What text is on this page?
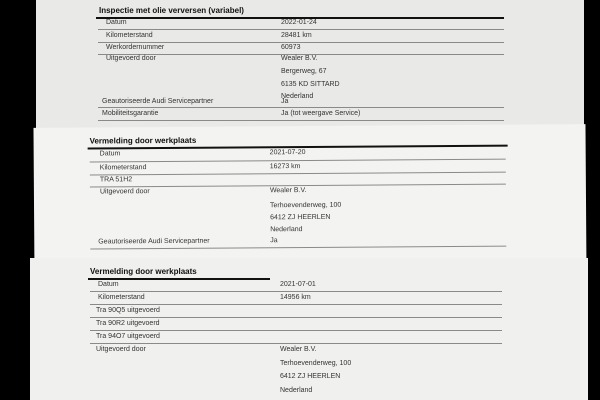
Inspectie met olie verversen (variabel)
Datum	2022-01-24
Kilometerstand	28481 km
Werkordernummer	60973
Uitgevoerd door	Wealer B.V.
Bergerweg, 67
6135 KD SITTARD
Nederland
Geautoriseerde Audi Servicepartner	Ja
Mobiliteitsgarantie	Ja (tot weergave Service)
Vermelding door werkplaats
Datum	2021-07-20
Kilometerstand	16273 km
TRA 51H2
Uitgevoerd door	Wealer B.V.
Terhoevenderweg, 100
6412 ZJ HEERLEN
Nederland
Geautoriseerde Audi Servicepartner	Ja
Vermelding door werkplaats
Datum	2021-07-01
Kilometerstand	14956 km
Tra 90Q5 uitgevoerd
Tra 90R2 uitgevoerd
Tra 94O7 uitgevoerd
Uitgevoerd door	Wealer B.V.
Terhoevenderweg, 100
6412 ZJ HEERLEN
Nederland
